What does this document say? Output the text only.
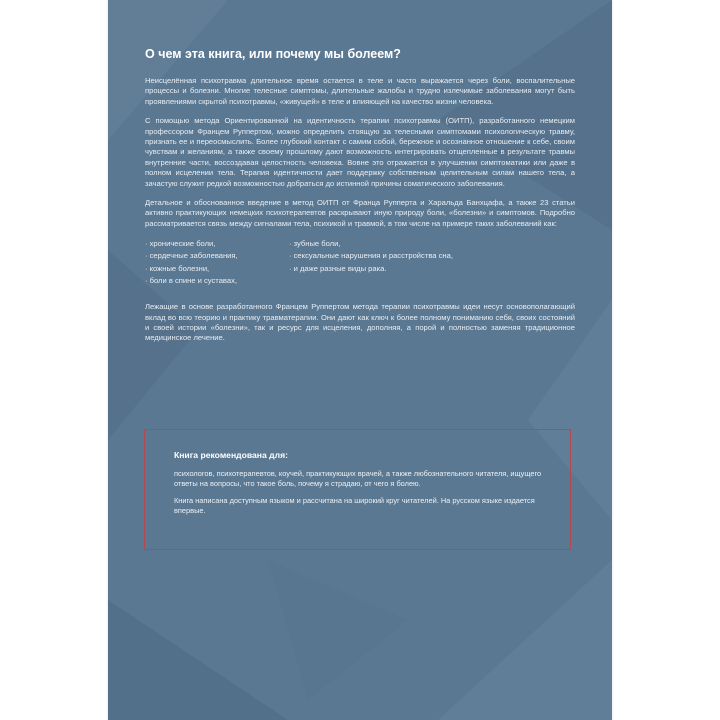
О чем эта книга, или почему мы болеем?

Неисцелённая психотравма длительное время остается в теле и часто выражается через боли, воспалительные процессы и болезни. Многие телесные симптомы, длительные жалобы и трудно излечимые заболевания могут быть проявлениями скрытой психотравмы, «живущей» в теле и влияющей на качество жизни человека.

С помощью метода Ориентированной на идентичность терапии психотравмы (ОИТП), разработанного немецким профессором Францем Руппертом, можно определить стоящую за телесными симптомами психологическую травму, признать ее и переосмыслить. Более глубокий контакт с самим собой, бережное и осознанное отношение к себе, своим чувствам и желаниям, а также своему прошлому дают возможность интегрировать отщепленные в результате травмы внутренние части, воссоздавая целостность человека. Вовне это отражается в улучшении симптоматики или даже в полном исцелении тела. Терапия идентичности дает поддержку собственным целительным силам нашего тела, а зачастую служит редкой возможностью добраться до истинной причины соматического заболевания.

Детальное и обоснованное введение в метод ОИТП от Франца Рупперта и Харальда Банхцафа, а также 23 статьи активно практикующих немецких психотерапевтов раскрывают иную природу боли, «болезни» и симптомов. Подробно рассматривается связь между сигналами тела, психикой и травмой, в том числе на примере таких заболеваний как:

· хронические боли,	· зубные боли,
· сердечные заболевания,	· сексуальные нарушения и расстройства сна,
· кожные болезни,	· и даже разные виды рака.
· боли в спине и суставах,

Лежащие в основе разработанного Францем Руппертом метода терапии психотравмы идеи несут основополагающий вклад во всю теорию и практику травматерапии. Они дают как ключ к более полному пониманию себя, своих состояний и своей истории «болезни», так и ресурс для исцеления, дополняя, а порой и полностью заменяя традиционное медицинское лечение.

Книга рекомендована для:

психологов, психотерапевтов, коучей, практикующих врачей, а также любознательного читателя, ищущего ответы на вопросы, что такое боль, почему я страдаю, от чего я болею.

Книга написана доступным языком и рассчитана на широкий круг читателей. На русском языке издается впервые.
